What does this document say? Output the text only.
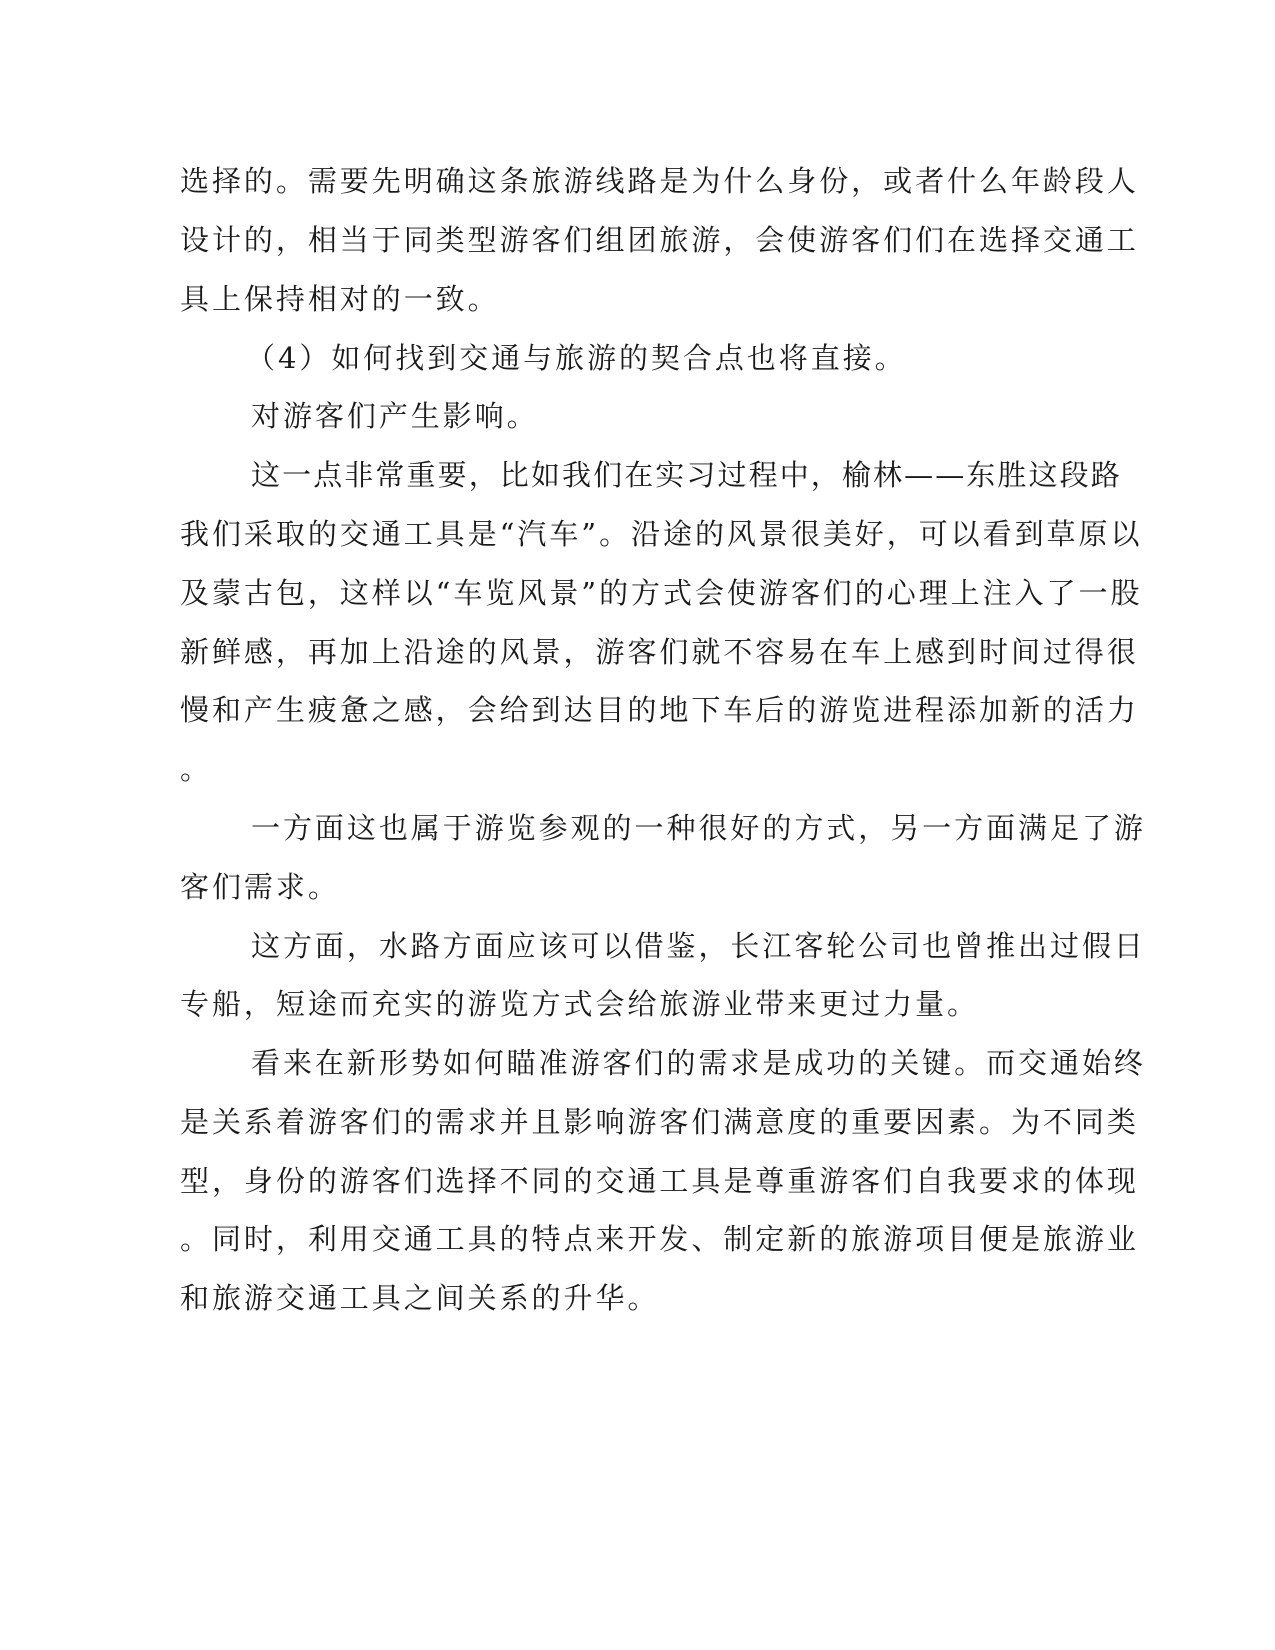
选择的。需要先明确这条旅游线路是为什么身份，或者什么年龄段人

设计的，相当于同类型游客们组团旅游，会使游客们们在选择交通工

具上保持相对的一致。

（4）如何找到交通与旅游的契合点也将直接。

对游客们产生影响。

这一点非常重要，比如我们在实习过程中，榆林——东胜这段路

我们采取的交通工具是“汽车”。沿途的风景很美好，可以看到草原以

及蒙古包，这样以“车览风景”的方式会使游客们的心理上注入了一股

新鲜感，再加上沿途的风景，游客们就不容易在车上感到时间过得很

慢和产生疲惫之感，会给到达目的地下车后的游览进程添加新的活力

。

一方面这也属于游览参观的一种很好的方式，另一方面满足了游

客们需求。

这方面，水路方面应该可以借鉴，长江客轮公司也曾推出过假日

专船，短途而充实的游览方式会给旅游业带来更过力量。

看来在新形势如何瞄准游客们的需求是成功的关键。而交通始终

是关系着游客们的需求并且影响游客们满意度的重要因素。为不同类

型，身份的游客们选择不同的交通工具是尊重游客们自我要求的体现

。同时，利用交通工具的特点来开发、制定新的旅游项目便是旅游业

和旅游交通工具之间关系的升华。
